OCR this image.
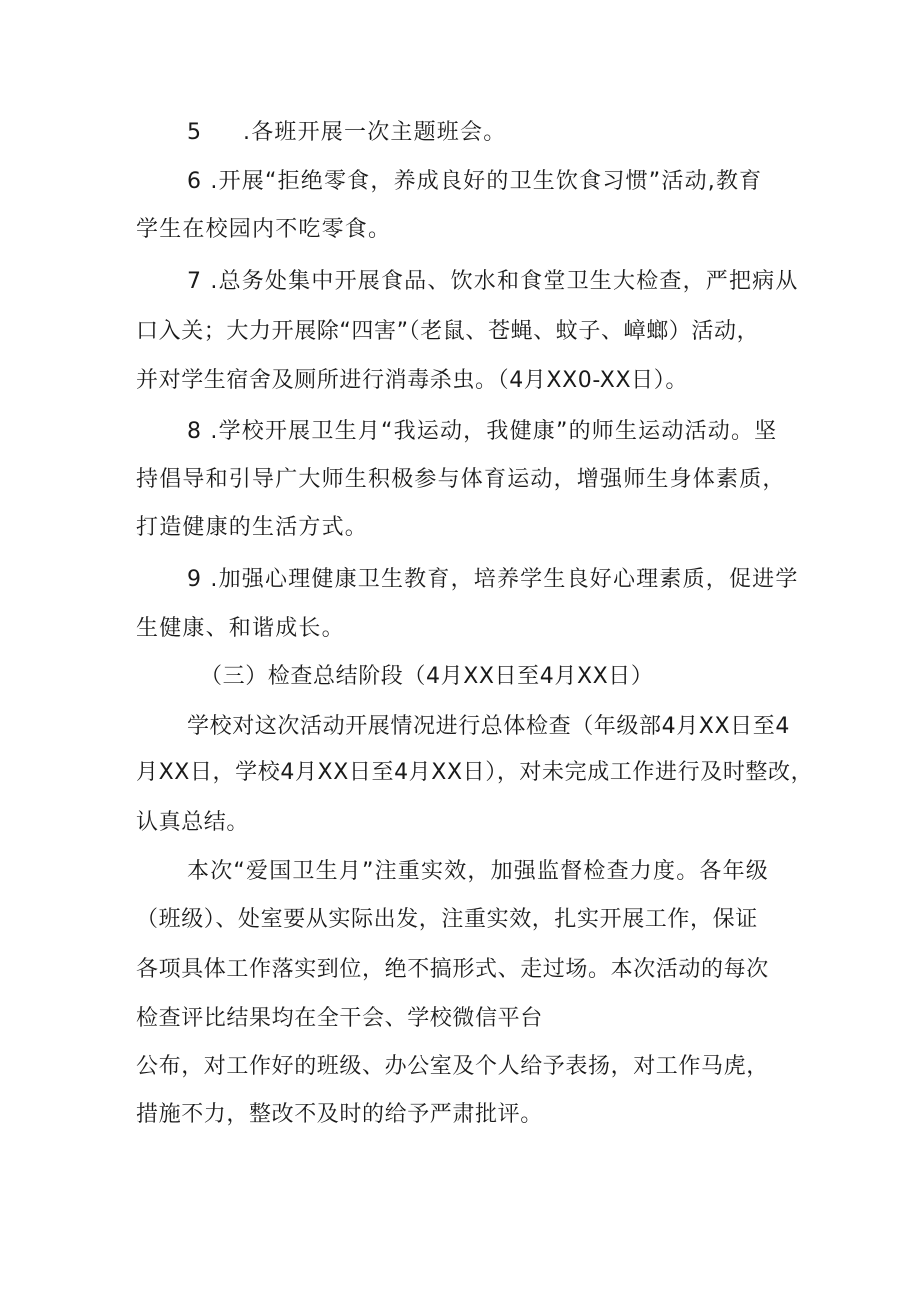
5 .各班开展一次主题班会。
6 .开展“拒绝零食，养成良好的卫生饮食习惯”活动,教育
学生在校园内不吃零食。
7 .总务处集中开展食品、饮水和食堂卫生大检查，严把病从
口入关；大力开展除“四害”（老鼠、苍蝇、蚊子、嶂螂）活动，
并对学生宿舍及厕所进行消毒杀虫。（4月XX0-XX日）。
8 .学校开展卫生月“我运动，我健康”的师生运动活动。坚
持倡导和引导广大师生积极参与体育运动，增强师生身体素质，
打造健康的生活方式。
9 .加强心理健康卫生教育，培养学生良好心理素质，促进学
生健康、和谐成长。
（三）检查总结阶段（4月XX日至4月XX日）
学校对这次活动开展情况进行总体检查（年级部4月XX日至4
月XX日，学校4月XX日至4月XX日），对未完成工作进行及时整改，
认真总结。
本次“爱国卫生月”注重实效，加强监督检查力度。各年级
（班级）、处室要从实际出发，注重实效，扎实开展工作，保证
各项具体工作落实到位，绝不搞形式、走过场。本次活动的每次
检查评比结果均在全干会、学校微信平台
公布，对工作好的班级、办公室及个人给予表扬，对工作马虎，
措施不力，整改不及时的给予严肃批评。
